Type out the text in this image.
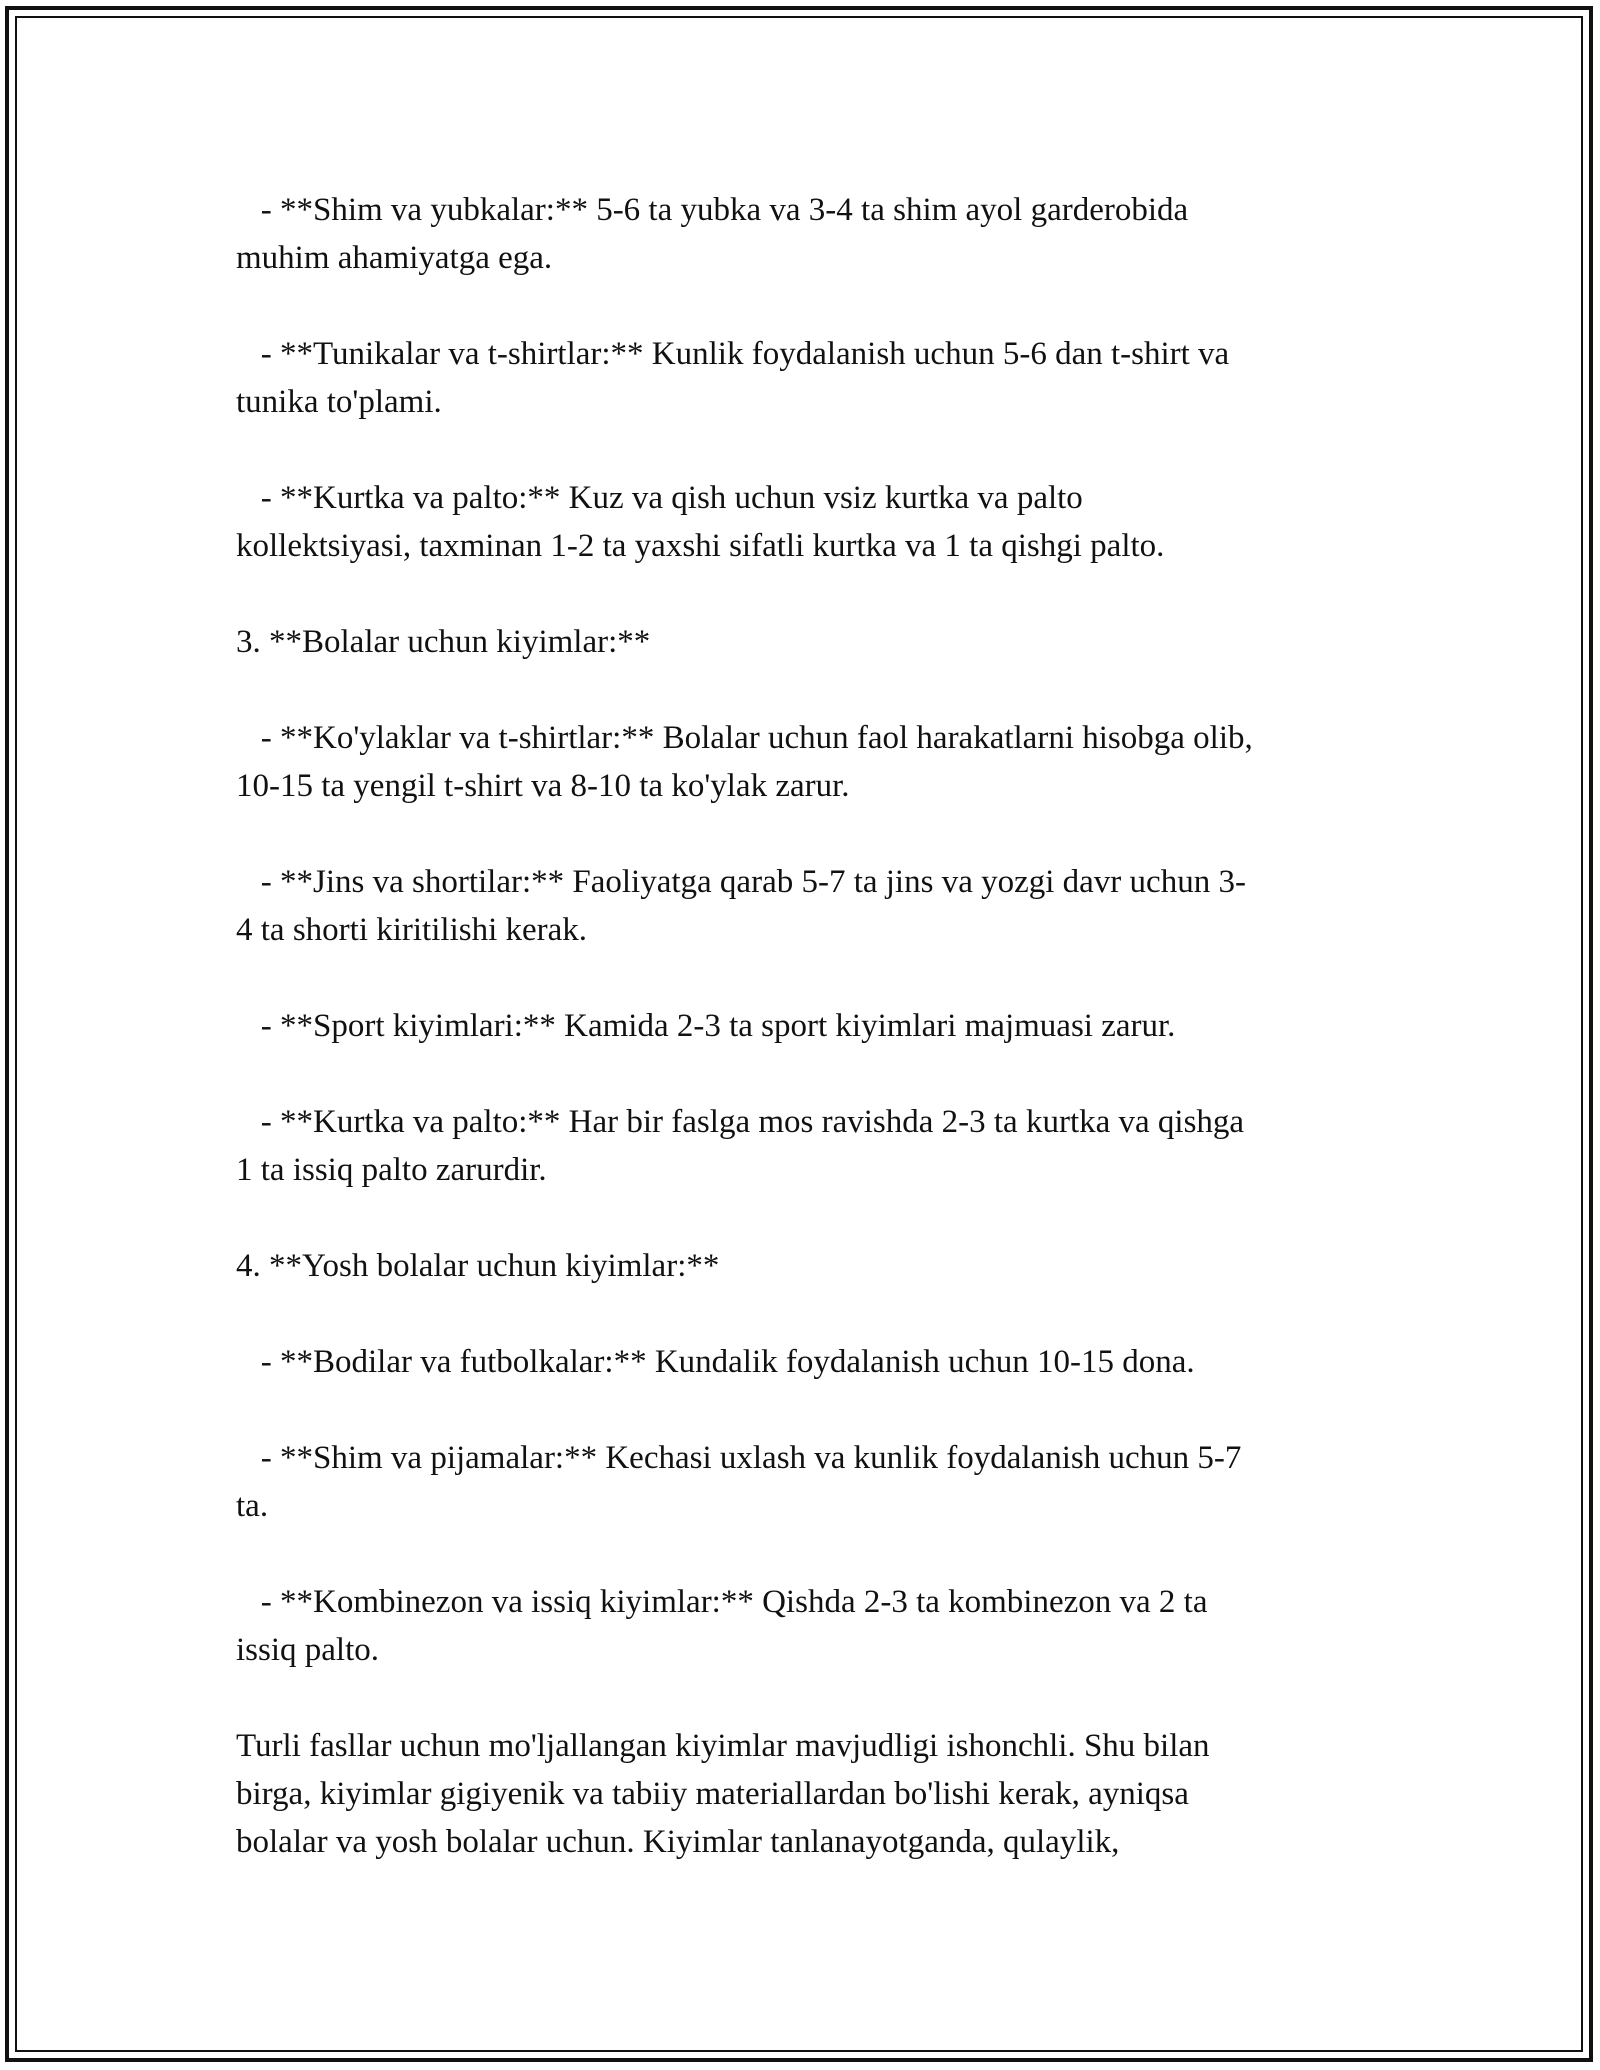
- **Shim va yubkalar:** 5-6 ta yubka va 3-4 ta shim ayol garderobida
muhim ahamiyatga ega.

- **Tunikalar va t-shirtlar:** Kunlik foydalanish uchun 5-6 dan t-shirt va
tunika to'plami.

- **Kurtka va palto:** Kuz va qish uchun vsiz kurtka va palto
kollektsiyasi, taxminan 1-2 ta yaxshi sifatli kurtka va 1 ta qishgi palto.

3. **Bolalar uchun kiyimlar:**

- **Ko'ylaklar va t-shirtlar:** Bolalar uchun faol harakatlarni hisobga olib,
10-15 ta yengil t-shirt va 8-10 ta ko'ylak zarur.

- **Jins va shortilar:** Faoliyatga qarab 5-7 ta jins va yozgi davr uchun 3-
4 ta shorti kiritilishi kerak.

- **Sport kiyimlari:** Kamida 2-3 ta sport kiyimlari majmuasi zarur.

- **Kurtka va palto:** Har bir faslga mos ravishda 2-3 ta kurtka va qishga
1 ta issiq palto zarurdir.

4. **Yosh bolalar uchun kiyimlar:**

- **Bodilar va futbolkalar:** Kundalik foydalanish uchun 10-15 dona.

- **Shim va pijamalar:** Kechasi uxlash va kunlik foydalanish uchun 5-7
ta.

- **Kombinezon va issiq kiyimlar:** Qishda 2-3 ta kombinezon va 2 ta
issiq palto.

Turli fasllar uchun mo'ljallangan kiyimlar mavjudligi ishonchli. Shu bilan
birga, kiyimlar gigiyenik va tabiiy materiallardan bo'lishi kerak, ayniqsa
bolalar va yosh bolalar uchun. Kiyimlar tanlanayotganda, qulaylik,
